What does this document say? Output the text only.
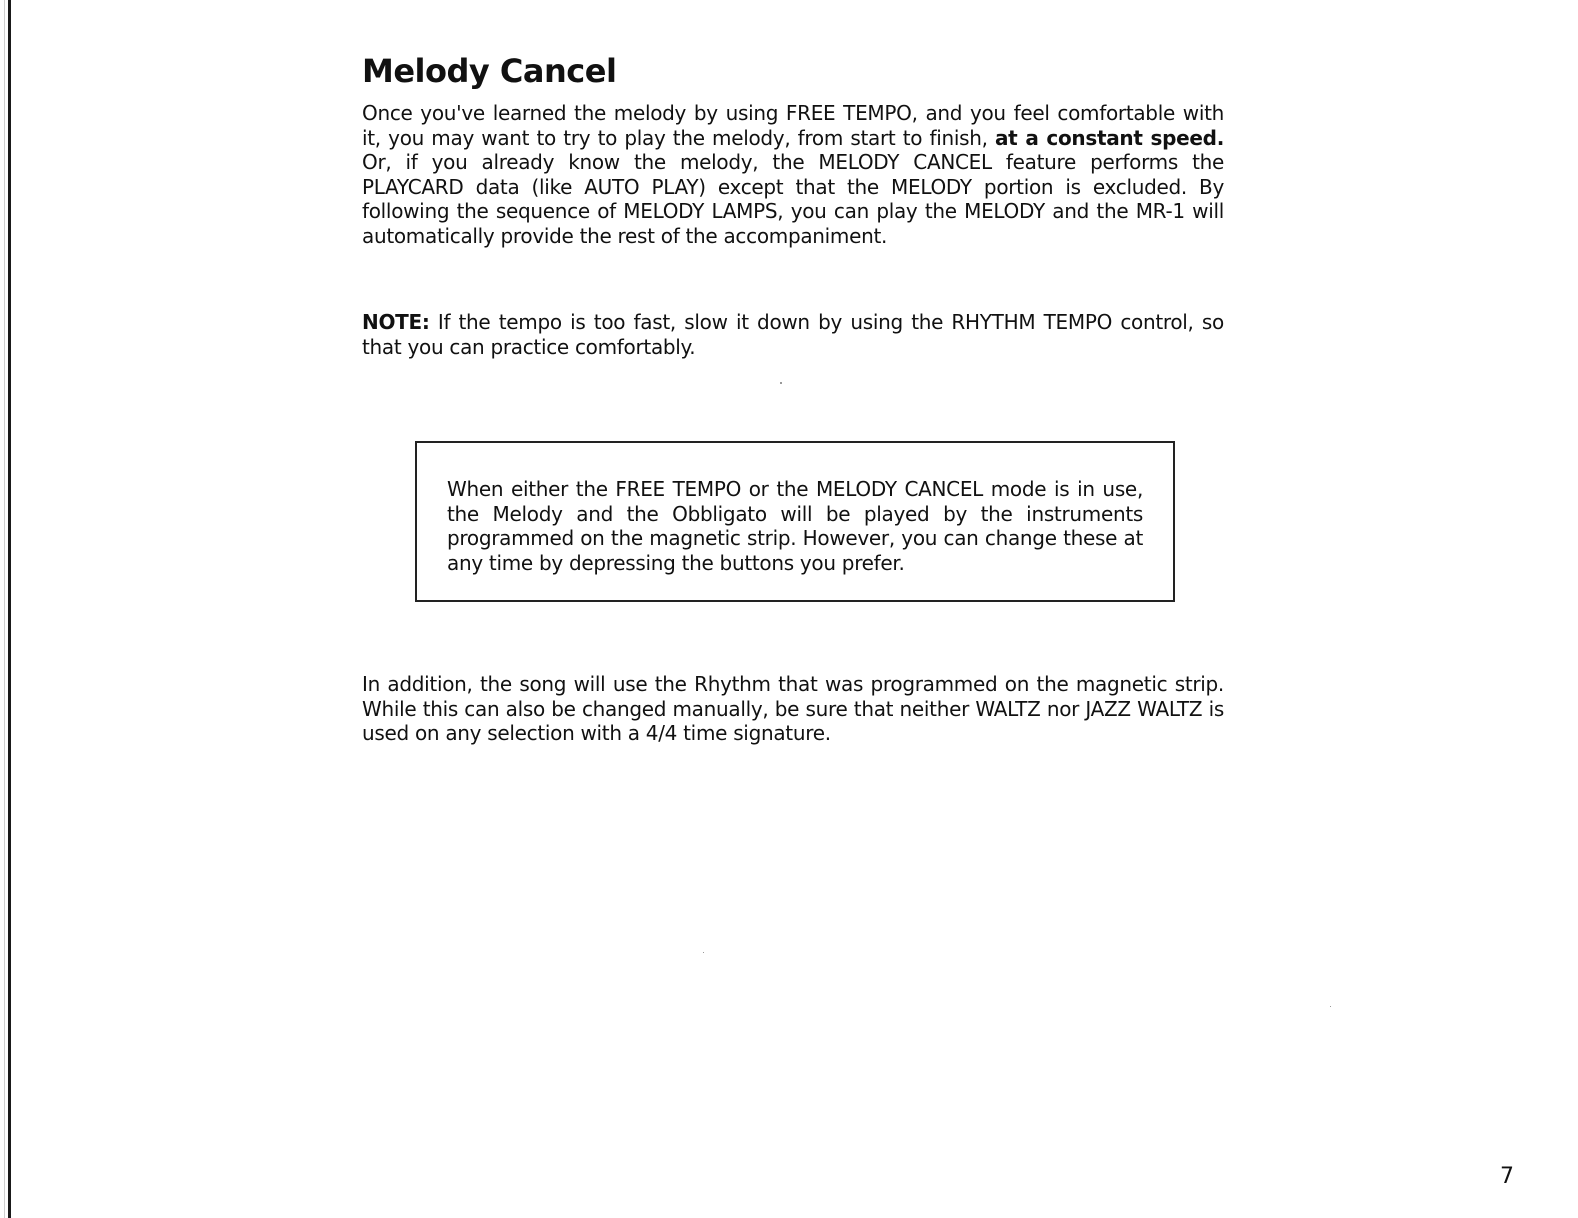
Melody Cancel

Once you've learned the melody by using FREE TEMPO, and you feel comfortable with it, you may want to try to play the melody, from start to finish, at a constant speed. Or, if you already know the melody, the MELODY CANCEL feature performs the PLAYCARD data (like AUTO PLAY) except that the MELODY portion is excluded. By following the sequence of MELODY LAMPS, you can play the MELODY and the MR-1 will automatically provide the rest of the accompaniment.

NOTE: If the tempo is too fast, slow it down by using the RHYTHM TEMPO control, so that you can practice comfortably.

When either the FREE TEMPO or the MELODY CANCEL mode is in use, the Melody and the Obbligato will be played by the instruments programmed on the magnetic strip. However, you can change these at any time by depressing the buttons you prefer.

In addition, the song will use the Rhythm that was programmed on the magnetic strip. While this can also be changed manually, be sure that neither WALTZ nor JAZZ WALTZ is used on any selection with a 4/4 time signature.

7
